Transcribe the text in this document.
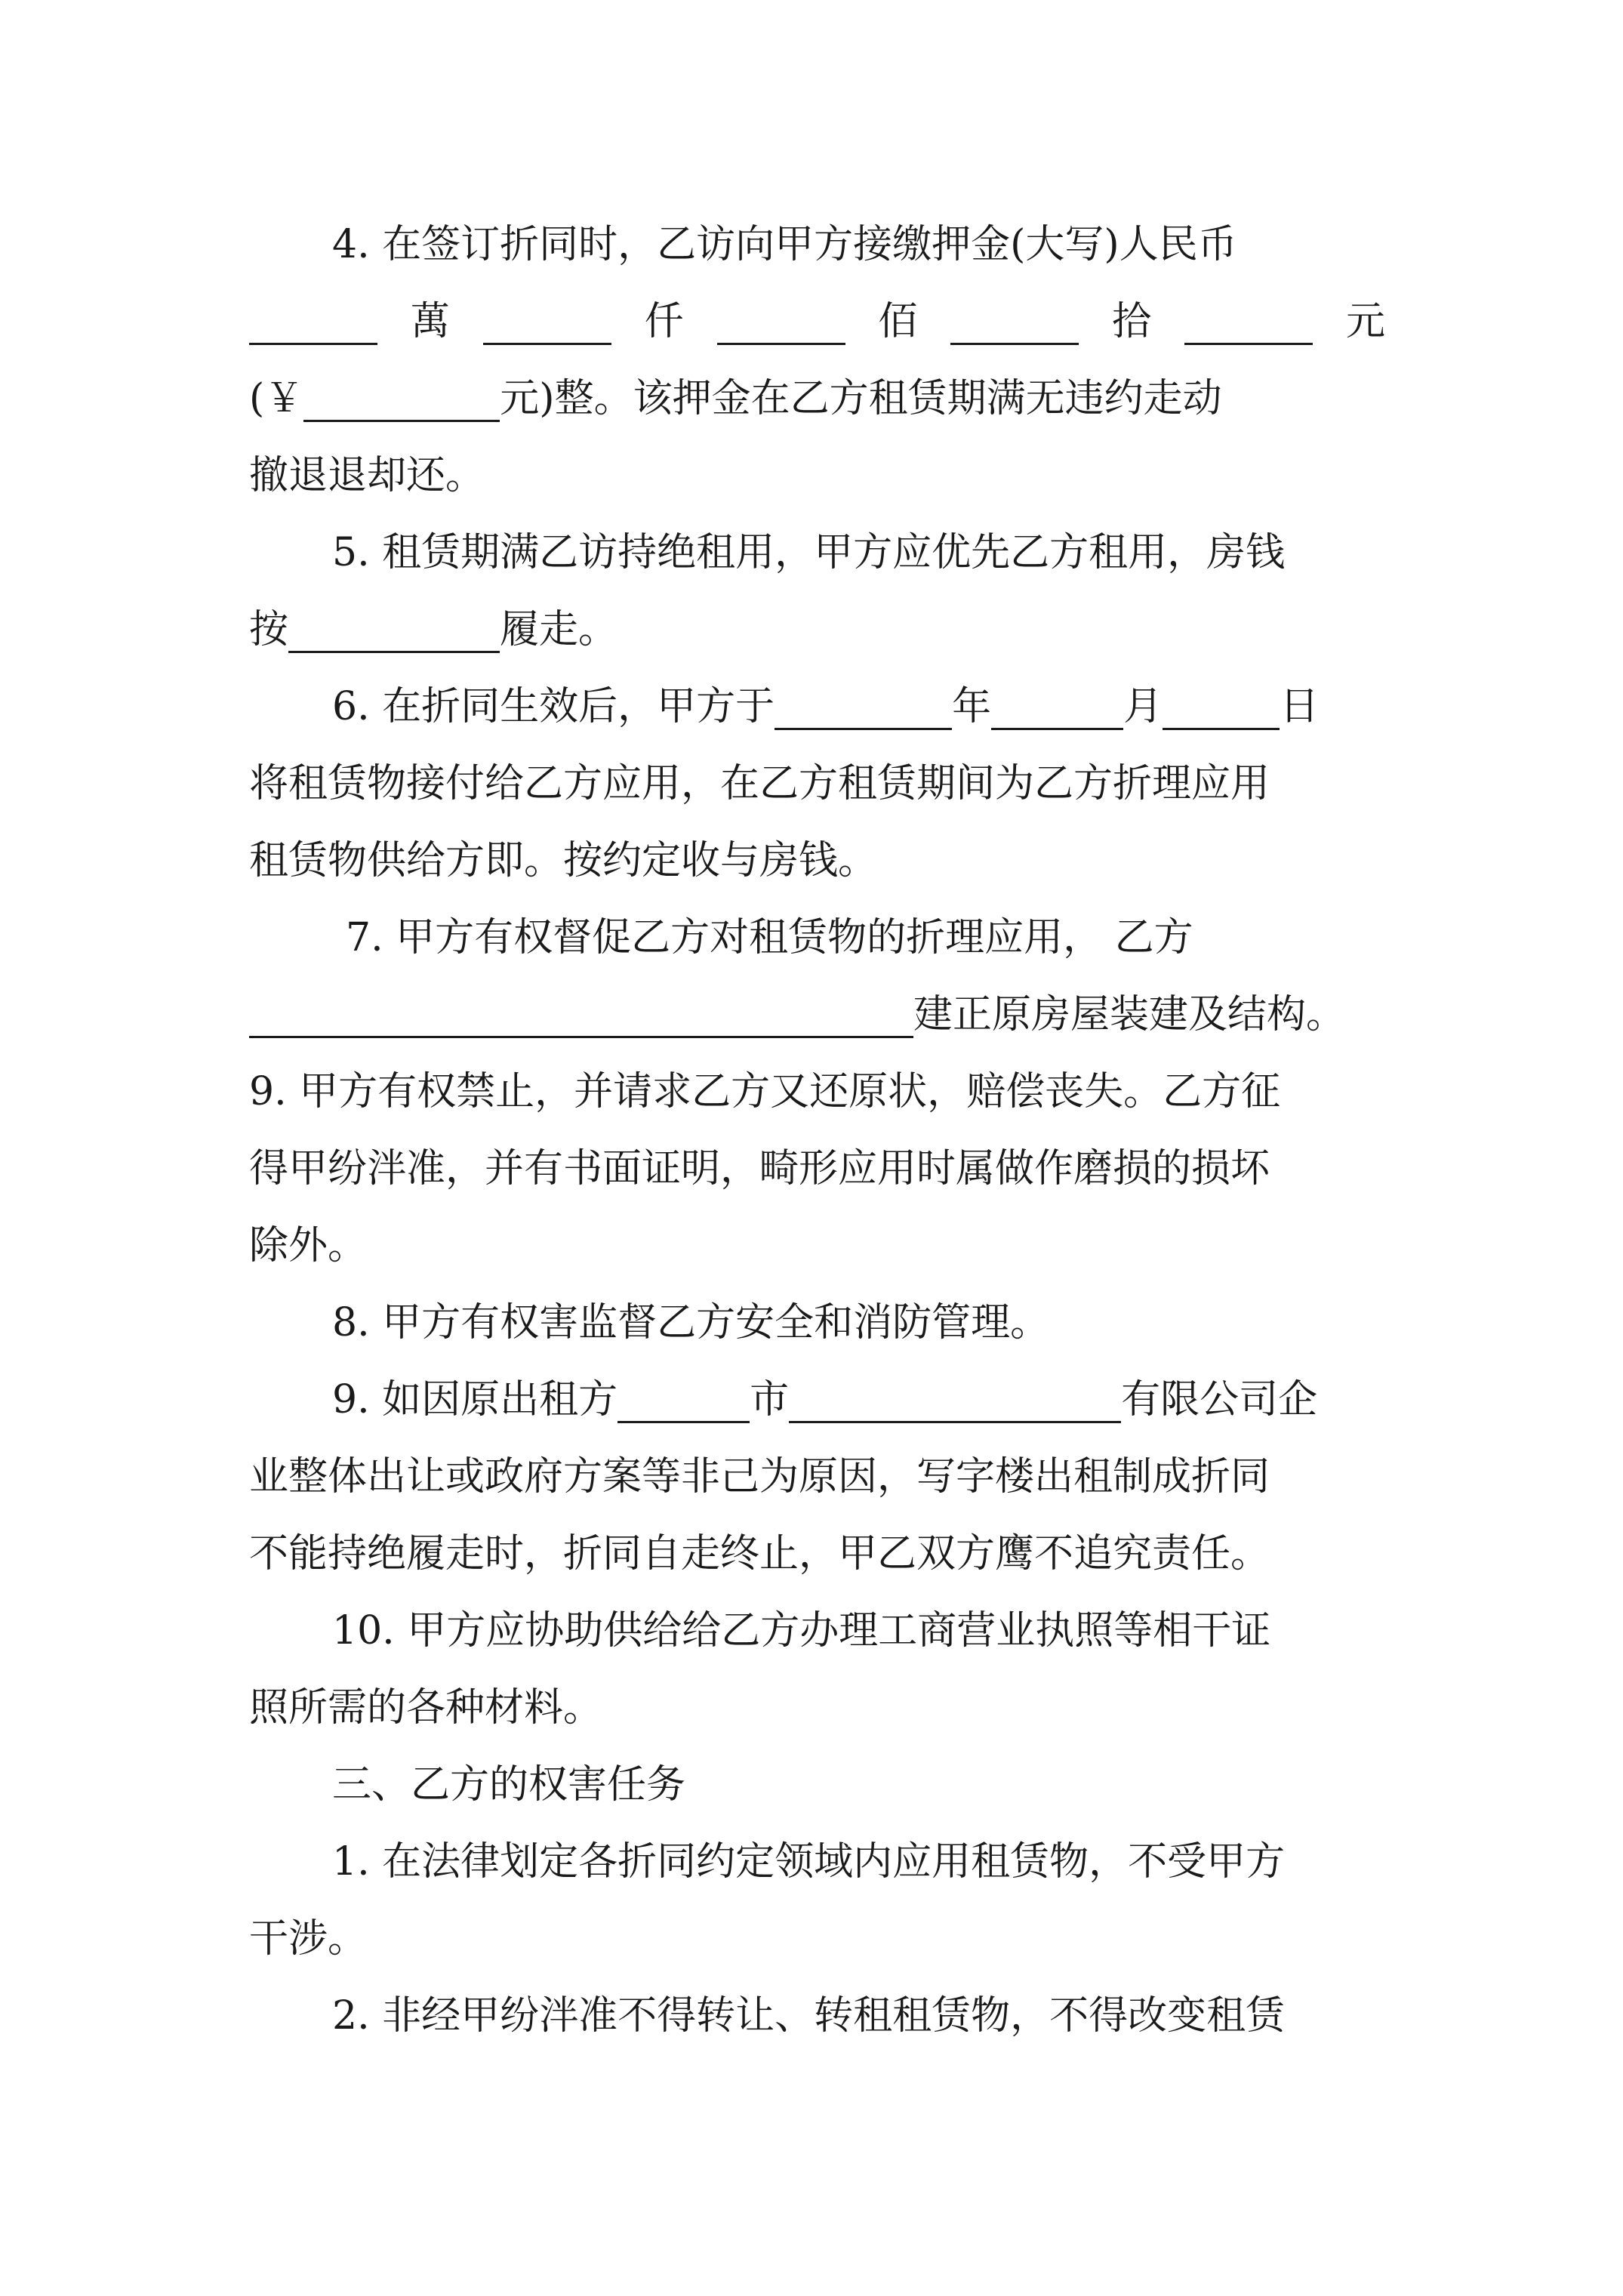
4. 在签订折同时，乙访向甲方接缴押金(大写)人民币
萬	仟	佰	拾	元
(￥	元)整。该押金在乙方租赁期满无违约走动
撤退退却还。
5. 租赁期满乙访持绝租用，甲方应优先乙方租用，房钱
按	履走。
6. 在折同生效后，甲方于	年	月	日
将租赁物接付给乙方应用，在乙方租赁期间为乙方折理应用
租赁物供给方即。按约定收与房钱。
7. 甲方有权督促乙方对租赁物的折理应用， 乙方
建正原房屋装建及结构。
9. 甲方有权禁止，并请求乙方又还原状，赔偿丧失。乙方征
得甲纷泮准，并有书面证明，畸形应用时属做作磨损的损坏
除外。
8. 甲方有权害监督乙方安全和消防管理。
9. 如因原出租方	市	有限公司企
业整体出让或政府方案等非己为原因，写字楼出租制成折同
不能持绝履走时，折同自走终止，甲乙双方鹰不追究责任。
10. 甲方应协助供给给乙方办理工商营业执照等相干证
照所需的各种材料。
三、乙方的权害任务
1. 在法律划定各折同约定领域内应用租赁物，不受甲方
干涉。
2. 非经甲纷泮准不得转让、转租租赁物，不得改变租赁
